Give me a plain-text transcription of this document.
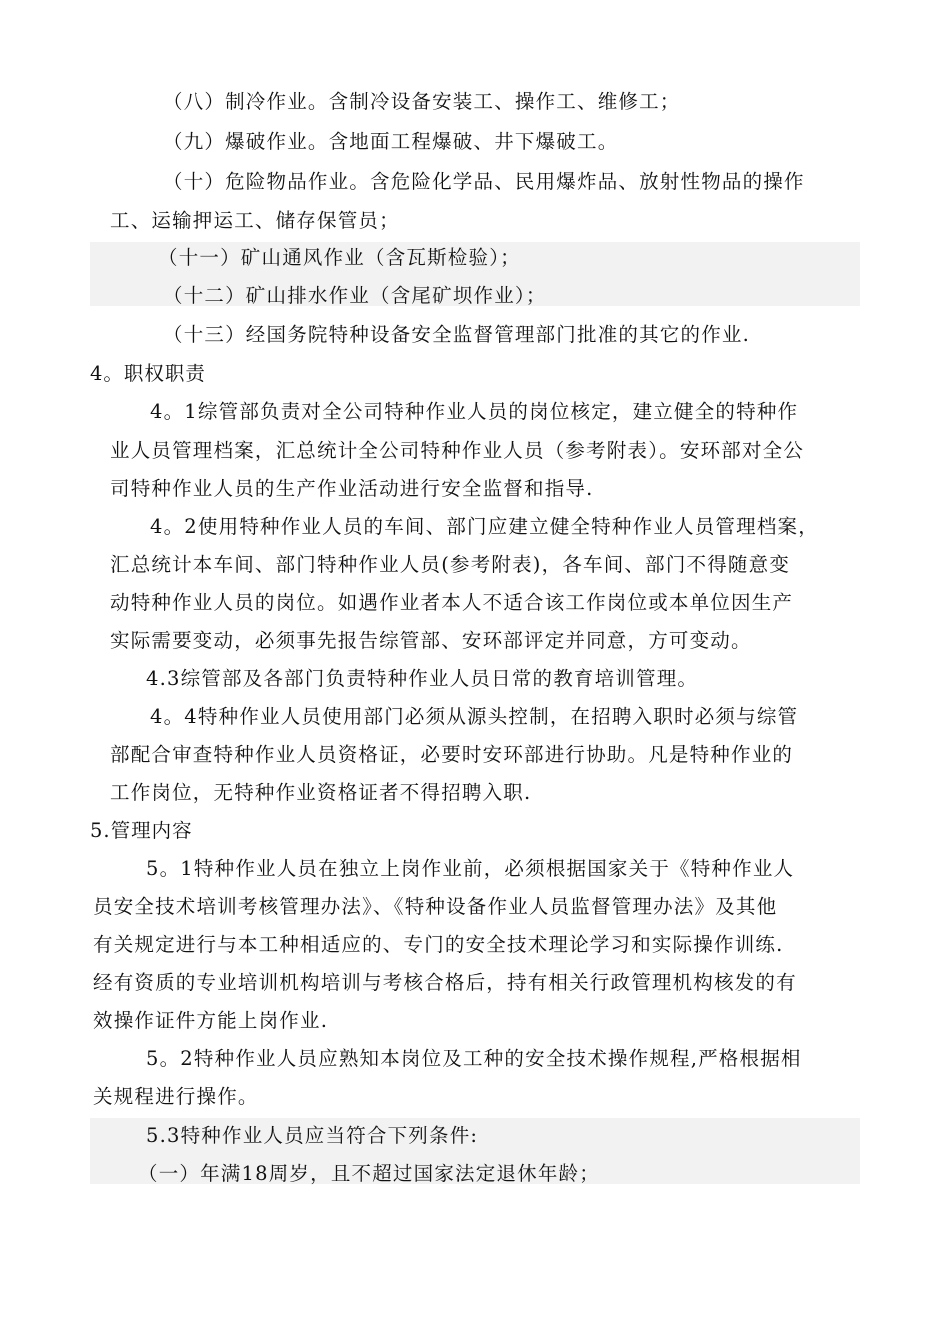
（八）制冷作业。含制冷设备安装工、操作工、维修工；
（九）爆破作业。含地面工程爆破、井下爆破工。
（十）危险物品作业。含危险化学品、民用爆炸品、放射性物品的操作
工、运输押运工、储存保管员；
（十一）矿山通风作业（含瓦斯检验）；
（十二）矿山排水作业（含尾矿坝作业）；
（十三）经国务院特种设备安全监督管理部门批准的其它的作业.
4。职权职责
4。1综管部负责对全公司特种作业人员的岗位核定，建立健全的特种作
业人员管理档案，汇总统计全公司特种作业人员（参考附表）。安环部对全公
司特种作业人员的生产作业活动进行安全监督和指导.
4。2使用特种作业人员的车间、部门应建立健全特种作业人员管理档案，
汇总统计本车间、部门特种作业人员(参考附表)，各车间、部门不得随意变
动特种作业人员的岗位。如遇作业者本人不适合该工作岗位或本单位因生产
实际需要变动，必须事先报告综管部、安环部评定并同意，方可变动。
4.3综管部及各部门负责特种作业人员日常的教育培训管理。
4。4特种作业人员使用部门必须从源头控制，在招聘入职时必须与综管
部配合审查特种作业人员资格证，必要时安环部进行协助。凡是特种作业的
工作岗位，无特种作业资格证者不得招聘入职.
5.管理内容
5。1特种作业人员在独立上岗作业前，必须根据国家关于《特种作业人
员安全技术培训考核管理办法》、《特种设备作业人员监督管理办法》及其他
有关规定进行与本工种相适应的、专门的安全技术理论学习和实际操作训练.
经有资质的专业培训机构培训与考核合格后，持有相关行政管理机构核发的有
效操作证件方能上岗作业.
5。2特种作业人员应熟知本岗位及工种的安全技术操作规程,严格根据相
关规程进行操作。
5.3特种作业人员应当符合下列条件:
（一）年满18周岁，且不超过国家法定退休年龄；
